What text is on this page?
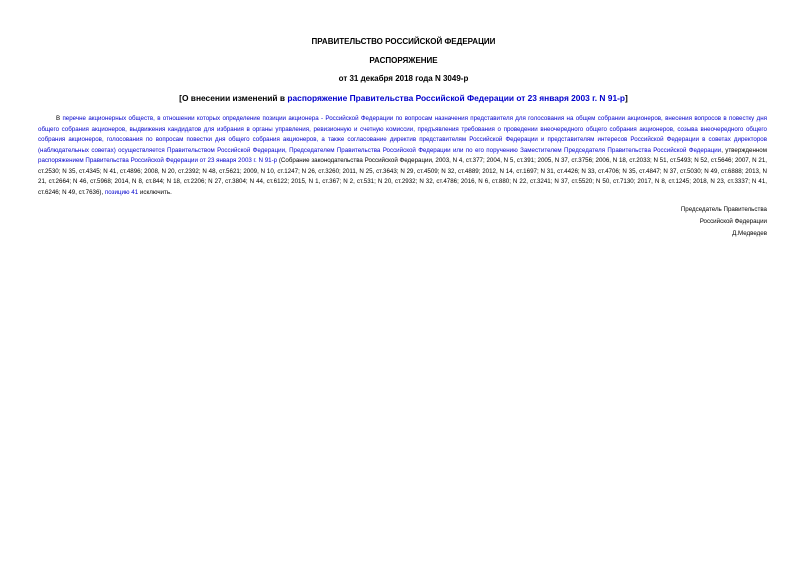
ПРАВИТЕЛЬСТВО РОССИЙСКОЙ ФЕДЕРАЦИИ
РАСПОРЯЖЕНИЕ
от 31 декабря 2018 года N 3049-р
[О внесении изменений в распоряжение Правительства Российской Федерации от 23 января 2003 г. N 91-р]
В перечне акционерных обществ, в отношении которых определение позиции акционера - Российской Федерации по вопросам назначения представителя для голосования на общем собрании акционеров, внесения вопросов в повестку дня общего собрания акционеров, выдвижения кандидатов для избрания в органы управления, ревизионную и счетную комиссии, предъявления требования о проведении внеочередного общего собрания акционеров, созыва внеочередного общего собрания акционеров, голосования по вопросам повестки дня общего собрания акционеров, а также согласование директив представителям Российской Федерации и представителям интересов Российской Федерации в советах директоров (наблюдательных советах) осуществляется Правительством Российской Федерации, Председателем Правительства Российской Федерации или по его поручению Заместителем Председателя Правительства Российской Федерации, утвержденном распоряжением Правительства Российской Федерации от 23 января 2003 г. N 91-р (Собрание законодательства Российской Федерации, 2003, N 4, ст.377; 2004, N 5, ст.391; 2005, N 37, ст.3756; 2006, N 18, ст.2033; N 51, ст.5493; N 52, ст.5646; 2007, N 21, ст.2530; N 35, ст.4345; N 41, ст.4896; 2008, N 20, ст.2392; N 48, ст.5621; 2009, N 10, ст.1247; N 26, ст.3260; 2011, N 25, ст.3643; N 29, ст.4509; N 32, ст.4889; 2012, N 14, ст.1697; N 31, ст.4426; N 33, ст.4706; N 35, ст.4847; N 37, ст.5030; N 49, ст.6888; 2013, N 21, ст.2664; N 46, ст.5968; 2014, N 8, ст.844; N 18, ст.2206; N 27, ст.3804; N 44, ст.6122; 2015, N 1, ст.367; N 2, ст.531; N 20, ст.2932; N 32, ст.4786; 2016, N 6, ст.880; N 22, ст.3241; N 37, ст.5520; N 50, ст.7130; 2017, N 8, ст.1245; 2018, N 23, ст.3337; N 41, ст.6246; N 49, ст.7636), позицию 41 исключить.
Председатель Правительства
Российской Федерации
Д.Медведев
